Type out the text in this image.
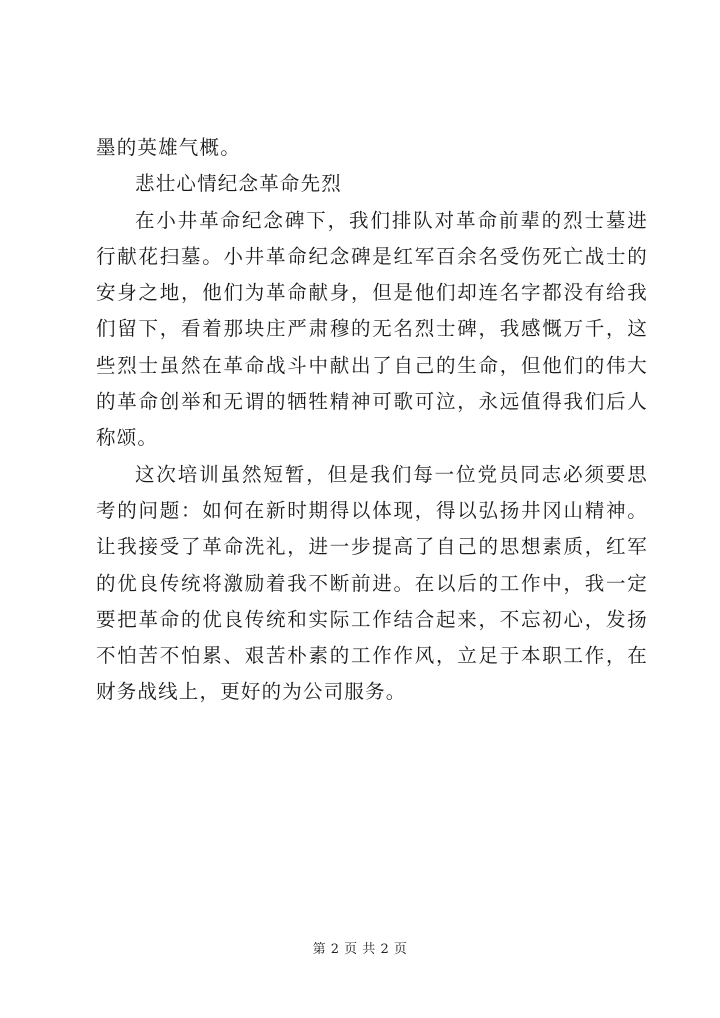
墨的英雄气概。

悲壮心情纪念革命先烈

在小井革命纪念碑下，我们排队对革命前辈的烈士墓进行献花扫墓。小井革命纪念碑是红军百余名受伤死亡战士的安身之地，他们为革命献身，但是他们却连名字都没有给我们留下，看着那块庄严肃穆的无名烈士碑，我感慨万千，这些烈士虽然在革命战斗中献出了自己的生命，但他们的伟大的革命创举和无谓的牺牲精神可歌可泣，永远值得我们后人称颂。

这次培训虽然短暂，但是我们每一位党员同志必须要思考的问题：如何在新时期得以体现，得以弘扬井冈山精神。让我接受了革命洗礼，进一步提高了自己的思想素质，红军的优良传统将激励着我不断前进。在以后的工作中，我一定要把革命的优良传统和实际工作结合起来，不忘初心，发扬不怕苦不怕累、艰苦朴素的工作作风，立足于本职工作，在财务战线上，更好的为公司服务。

第 2 页 共 2 页
